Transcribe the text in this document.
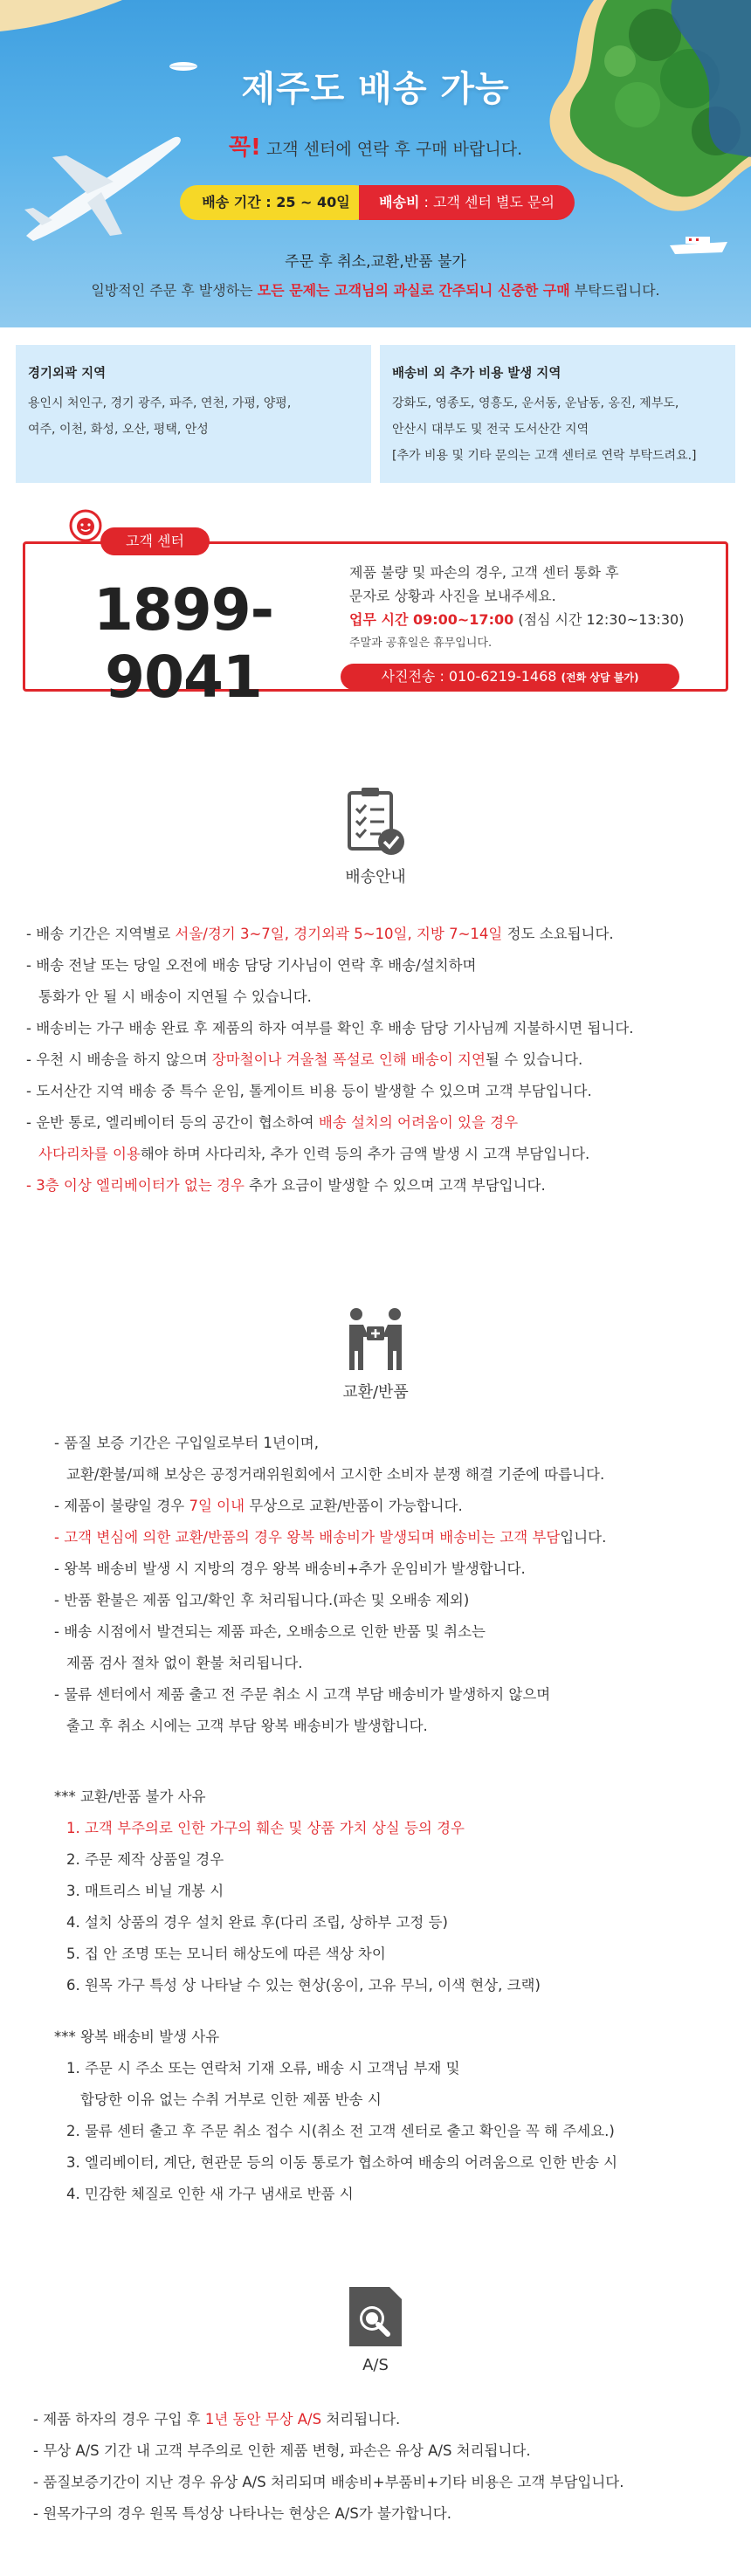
제주도 배송 가능
꼭! 고객 센터에 연락 후 구매 바랍니다.
배송 기간 : 25 ~ 40일	배송비 : 고객 센터 별도 문의
주문 후 취소,교환,반품 불가
일방적인 주문 후 발생하는 모든 문제는 고객님의 과실로 간주되니 신중한 구매 부탁드립니다.
경기외곽 지역
용인시 처인구, 경기 광주, 파주, 연천, 가평, 양평,
여주, 이천, 화성, 오산, 평택, 안성
배송비 외 추가 비용 발생 지역
강화도, 영종도, 영흥도, 운서동, 운남동, 옹진, 제부도,
안산시 대부도 및 전국 도서산간 지역
[추가 비용 및 기타 문의는 고객 센터로 연락 부탁드려요.]
고객 센터
1899-9041
제품 불량 및 파손의 경우, 고객 센터 통화 후
문자로 상황과 사진을 보내주세요.
업무 시간 09:00~17:00 (점심 시간 12:30~13:30)
주말과 공휴일은 휴무입니다.
사진전송 : 010-6219-1468 (전화 상담 불가)
배송안내
- 배송 기간은 지역별로 서울/경기 3~7일, 경기외곽 5~10일, 지방 7~14일 정도 소요됩니다.
- 배송 전날 또는 당일 오전에 배송 담당 기사님이 연락 후 배송/설치하며
통화가 안 될 시 배송이 지연될 수 있습니다.
- 배송비는 가구 배송 완료 후 제품의 하자 여부를 확인 후 배송 담당 기사님께 지불하시면 됩니다.
- 우천 시 배송을 하지 않으며 장마철이나 겨울철 폭설로 인해 배송이 지연될 수 있습니다.
- 도서산간 지역 배송 중 특수 운임, 톨게이트 비용 등이 발생할 수 있으며 고객 부담입니다.
- 운반 통로, 엘리베이터 등의 공간이 협소하여 배송 설치의 어려움이 있을 경우
사다리차를 이용해야 하며 사다리차, 추가 인력 등의 추가 금액 발생 시 고객 부담입니다.
- 3층 이상 엘리베이터가 없는 경우 추가 요금이 발생할 수 있으며 고객 부담입니다.
교환/반품
- 품질 보증 기간은 구입일로부터 1년이며,
교환/환불/피해 보상은 공정거래위원회에서 고시한 소비자 분쟁 해결 기준에 따릅니다.
- 제품이 불량일 경우 7일 이내 무상으로 교환/반품이 가능합니다.
- 고객 변심에 의한 교환/반품의 경우 왕복 배송비가 발생되며 배송비는 고객 부담입니다.
- 왕복 배송비 발생 시 지방의 경우 왕복 배송비+추가 운임비가 발생합니다.
- 반품 환불은 제품 입고/확인 후 처리됩니다.(파손 및 오배송 제외)
- 배송 시점에서 발견되는 제품 파손, 오배송으로 인한 반품 및 취소는
제품 검사 절차 없이 환불 처리됩니다.
- 물류 센터에서 제품 출고 전 주문 취소 시 고객 부담 배송비가 발생하지 않으며
출고 후 취소 시에는 고객 부담 왕복 배송비가 발생합니다.
*** 교환/반품 불가 사유
1. 고객 부주의로 인한 가구의 훼손 및 상품 가치 상실 등의 경우
2. 주문 제작 상품일 경우
3. 매트리스 비닐 개봉 시
4. 설치 상품의 경우 설치 완료 후(다리 조립, 상하부 고정 등)
5. 집 안 조명 또는 모니터 해상도에 따른 색상 차이
6. 원목 가구 특성 상 나타날 수 있는 현상(옹이, 고유 무늬, 이색 현상, 크랙)
*** 왕복 배송비 발생 사유
1. 주문 시 주소 또는 연락처 기재 오류, 배송 시 고객님 부재 및
합당한 이유 없는 수취 거부로 인한 제품 반송 시
2. 물류 센터 출고 후 주문 취소 접수 시(취소 전 고객 센터로 출고 확인을 꼭 해 주세요.)
3. 엘리베이터, 계단, 현관문 등의 이동 통로가 협소하여 배송의 어려움으로 인한 반송 시
4. 민감한 체질로 인한 새 가구 냄새로 반품 시
A/S
- 제품 하자의 경우 구입 후 1년 동안 무상 A/S 처리됩니다.
- 무상 A/S 기간 내 고객 부주의로 인한 제품 변형, 파손은 유상 A/S 처리됩니다.
- 품질보증기간이 지난 경우 유상 A/S 처리되며 배송비+부품비+기타 비용은 고객 부담입니다.
- 원목가구의 경우 원목 특성상 나타나는 현상은 A/S가 불가합니다.
